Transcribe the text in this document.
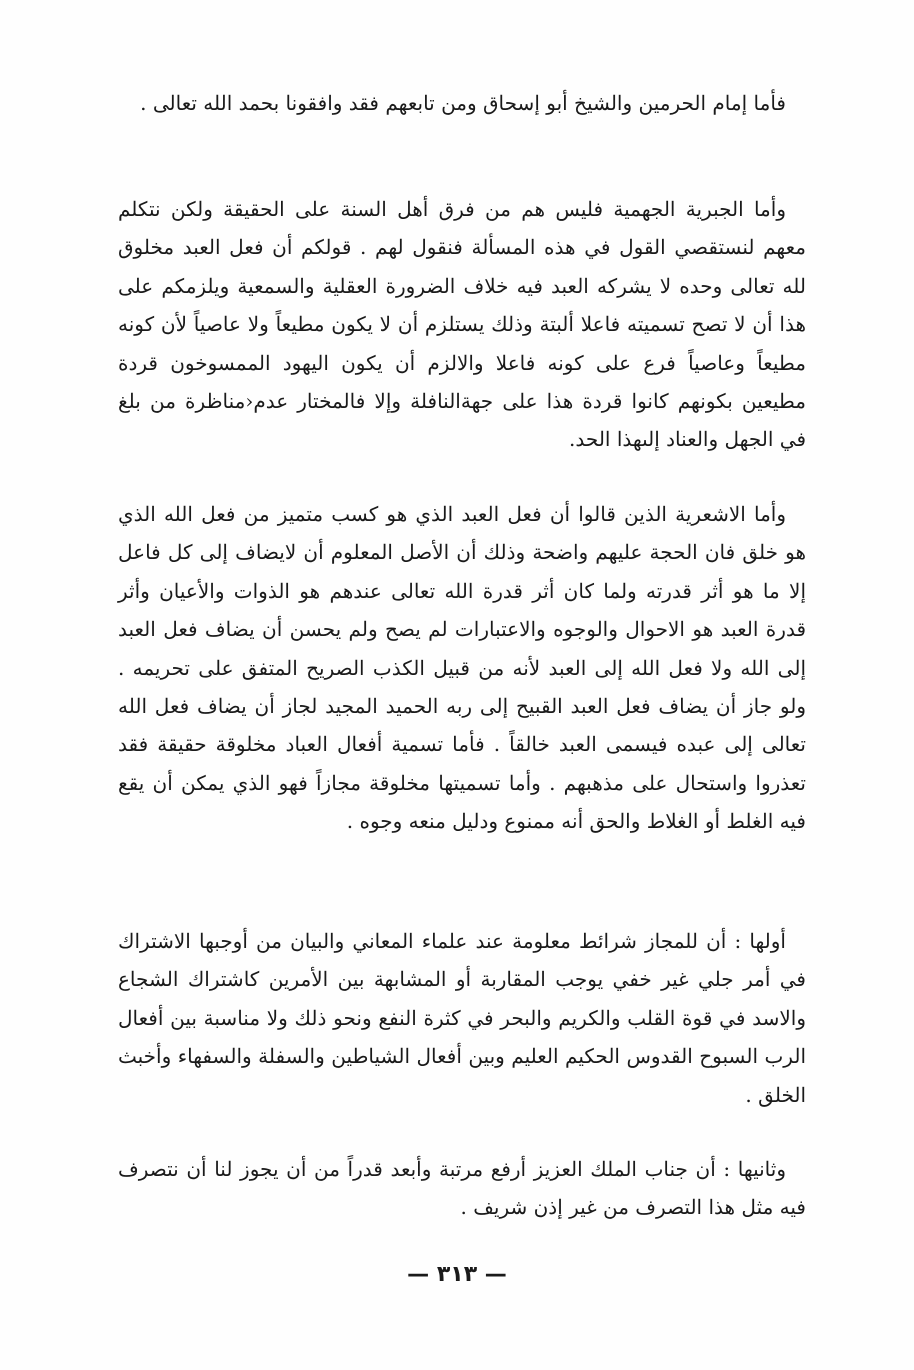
فأما إمام الحرمين والشيخ أبو إسحاق ومن تابعهم فقد وافقونا بحمد الله تعالى .

وأما الجبرية الجهمية فليس هم من فرق أهل السنة على الحقيقة ولكن نتكلم معهم لنستقصي القول في هذه المسألة فنقول لهم . قولكم أن فعل العبد مخلوق لله تعالى وحده لا يشركه العبد فيه خلاف الضرورة العقلية والسمعية ويلزمكم على هذا أن لا تصح تسميته فاعلا ألبتة وذلك يستلزم أن لا يكون مطيعاً ولا عاصياً لأن كونه مطيعاً وعاصياً فرع على كونه فاعلا والالزم أن يكون اليهود الممسوخون قردة مطيعين بكونهم كانوا قردة هذا على جهةالنافلة وإلا فالمختار عدم‹مناظرة من بلغ في الجهل والعناد إلىهذا الحد.

وأما الاشعرية الذين قالوا أن فعل العبد الذي هو كسب متميز من فعل الله الذي هو خلق فان الحجة عليهم واضحة وذلك أن الأصل المعلوم أن لايضاف إلى كل فاعل إلا ما هو أثر قدرته ولما كان أثر قدرة الله تعالى عندهم هو الذوات والأعيان وأثر قدرة العبد هو الاحوال والوجوه والاعتبارات لم يصح ولم يحسن أن يضاف فعل العبد إلى الله ولا فعل الله إلى العبد لأنه من قبيل الكذب الصريح المتفق على تحريمه . ولو جاز أن يضاف فعل العبد القبيح إلى ربه الحميد المجيد لجاز أن يضاف فعل الله تعالى إلى عبده فيسمى العبد خالقاً . فأما تسمية أفعال العباد مخلوقة حقيقة فقد تعذروا واستحال على مذهبهم . وأما تسميتها مخلوقة مجازاً فهو الذي يمكن أن يقع فيه الغلط أو الغلاط والحق أنه ممنوع ودليل منعه وجوه .

أولها : أن للمجاز شرائط معلومة عند علماء المعاني والبيان من أوجبها الاشتراك في أمر جلي غير خفي يوجب المقاربة أو المشابهة بين الأمرين كاشتراك الشجاع والاسد في قوة القلب والكريم والبحر في كثرة النفع ونحو ذلك ولا مناسبة بين أفعال الرب السبوح القدوس الحكيم العليم وبين أفعال الشياطين والسفلة والسفهاء وأخبث الخلق .

وثانيها : أن جناب الملك العزيز أرفع مرتبة وأبعد قدراً من أن يجوز لنا أن نتصرف فيه مثل هذا التصرف من غير إذن شريف .

— ٣١٣ —
